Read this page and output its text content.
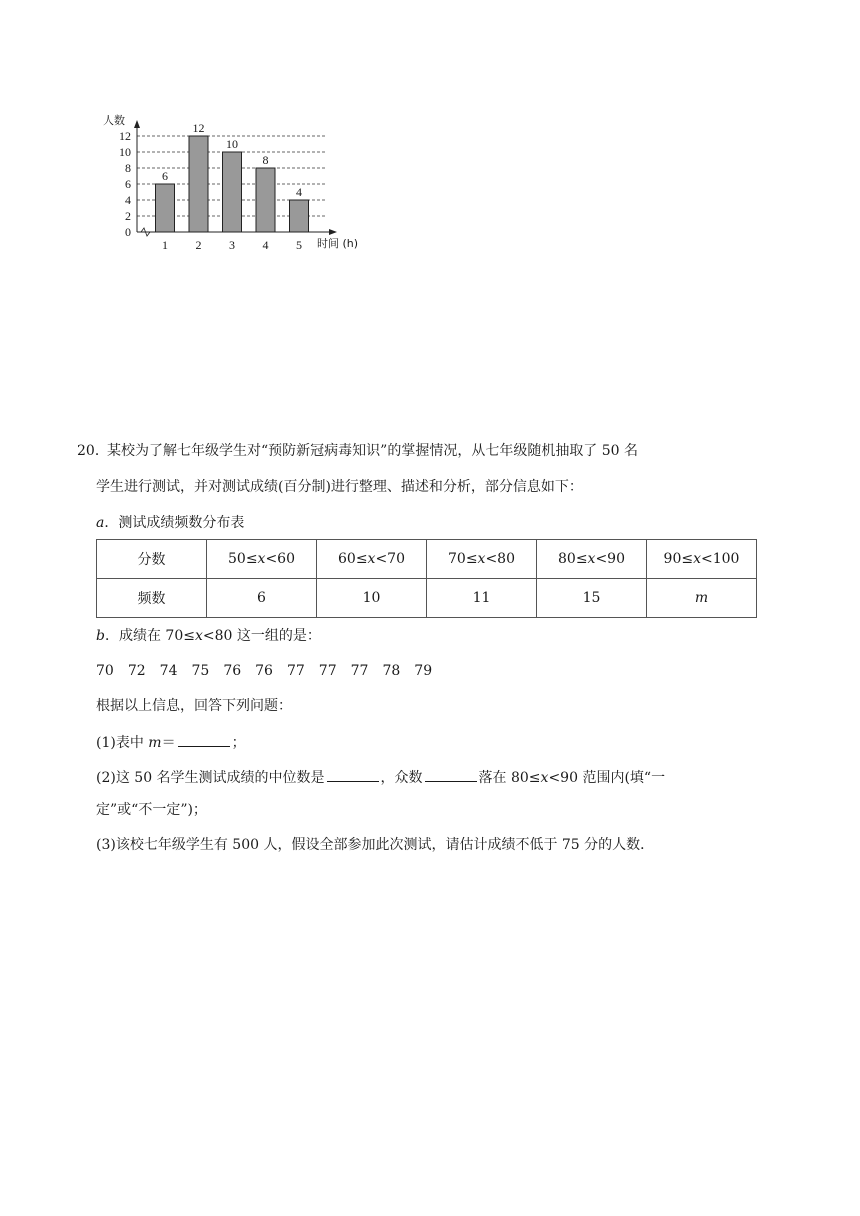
0
2
4
6
8
10
12
6
1
12
2
10
3
8
4
4
5
人数
时间 (h)
20．
某校为了解七年级学生对“预防新冠病毒知识”的掌握情况，从七年级随机抽取了 50 名
学生进行测试，并对测试成绩(百分制)进行整理、描述和分析，部分信息如下：
a．测试成绩频数分布表
分数	50≤x<60	60≤x<70	70≤x<80	80≤x<90	90≤x<100
频数	6	10	11	15	m
b．成绩在 70≤x<80 这一组的是：
70 72 74 75 76 76 77 77 77 78 79
根据以上信息，回答下列问题：
(1)表中 m＝	；
(2)这 50 名学生测试成绩的中位数是	，众数	落在 80≤x<90 范围内(填“一
定”或“不一定”)；
(3)该校七年级学生有 500 人，假设全部参加此次测试，请估计成绩不低于 75 分的人数．
